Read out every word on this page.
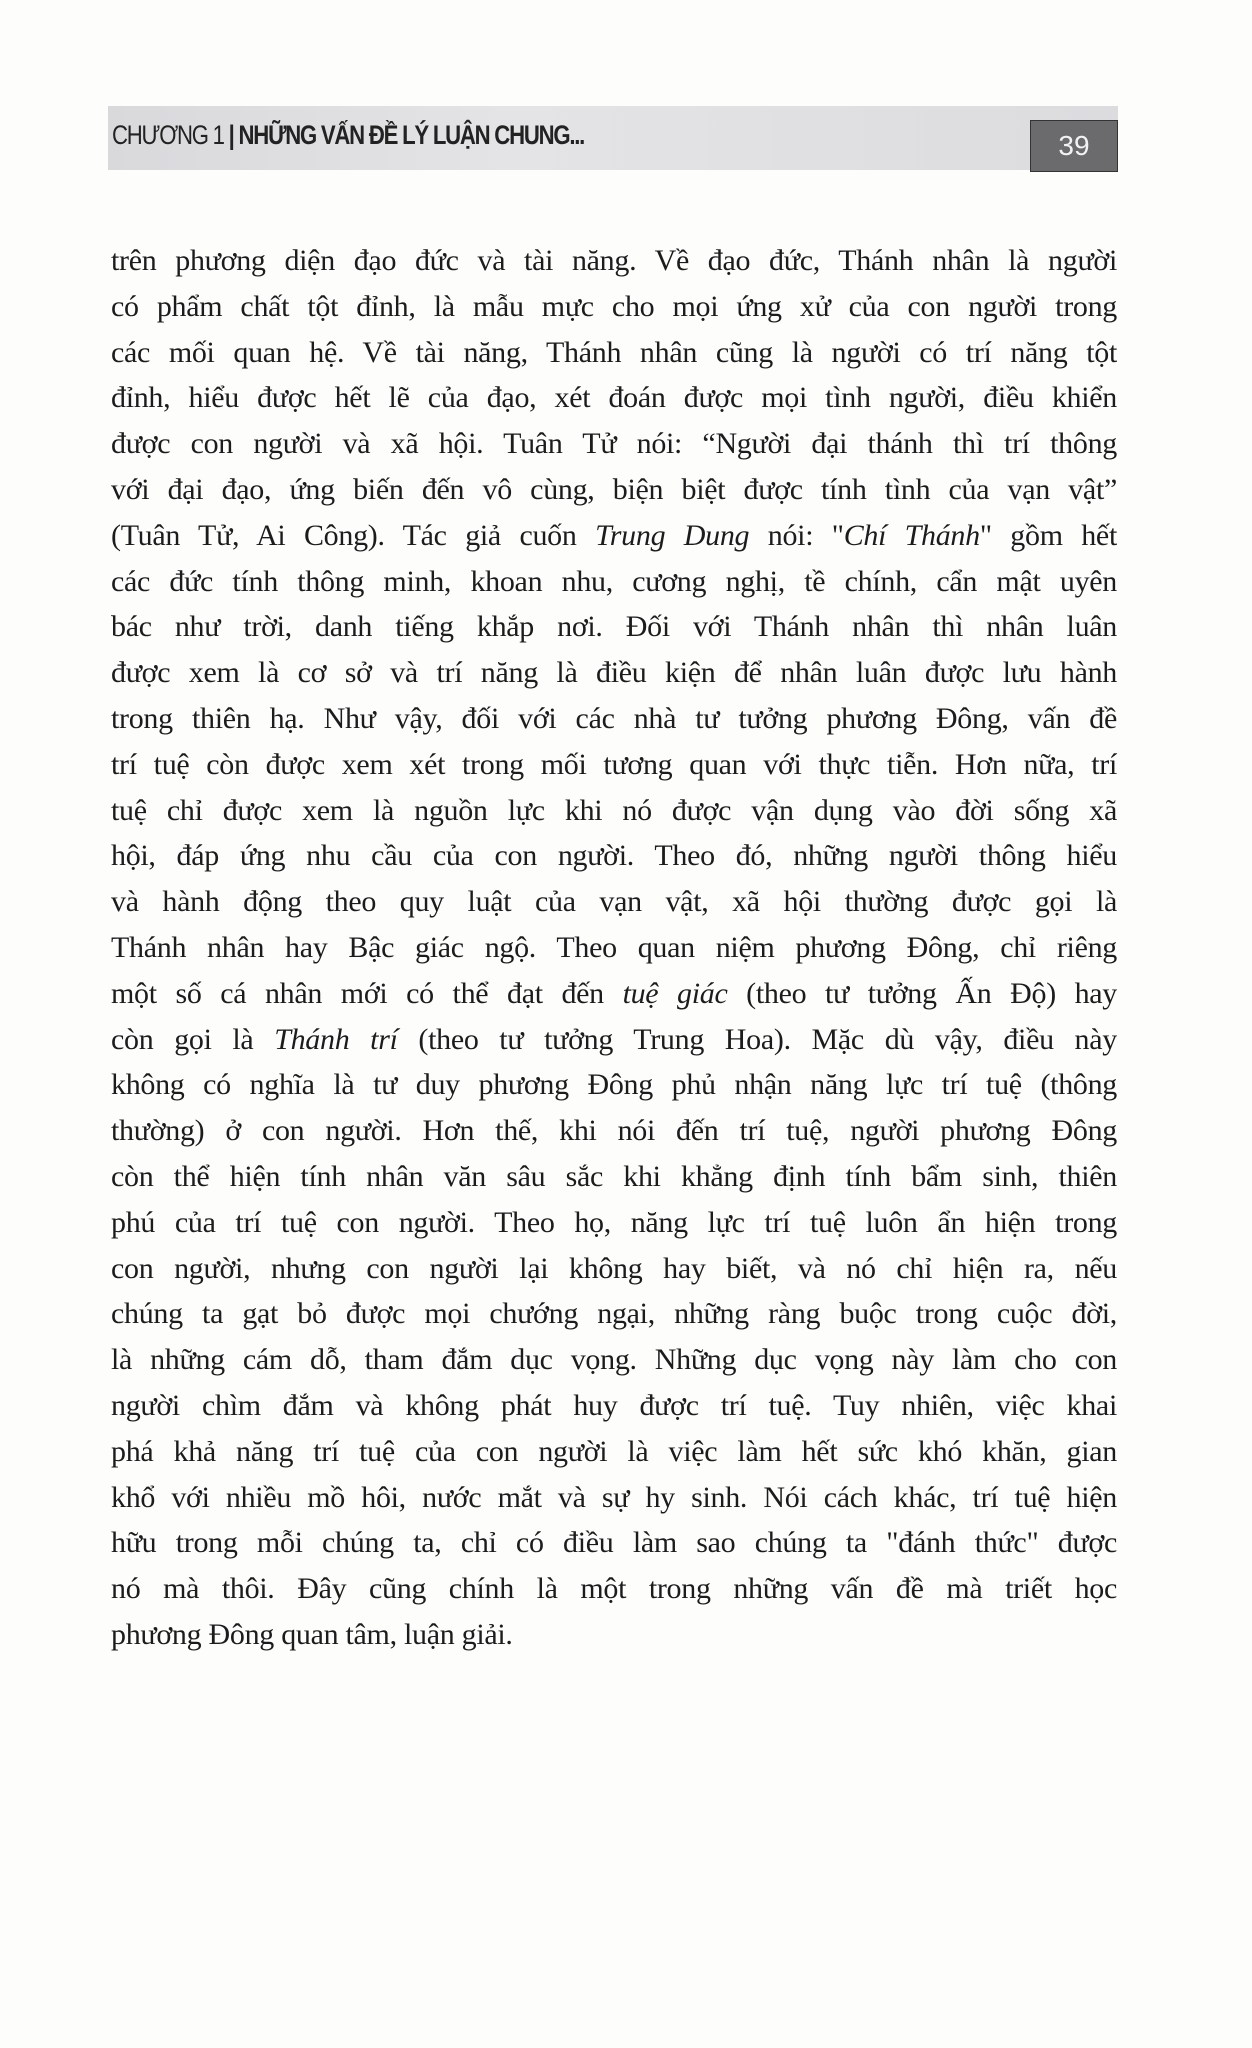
CHƯƠNG 1 | NHỮNG VẤN ĐỀ LÝ LUẬN CHUNG...	39
trên phương diện đạo đức và tài năng. Về đạo đức, Thánh nhân là người
có phẩm chất tột đỉnh, là mẫu mực cho mọi ứng xử của con người trong
các mối quan hệ. Về tài năng, Thánh nhân cũng là người có trí năng tột
đỉnh, hiểu được hết lẽ của đạo, xét đoán được mọi tình người, điều khiển
được con người và xã hội. Tuân Tử nói: “Người đại thánh thì trí thông
với đại đạo, ứng biến đến vô cùng, biện biệt được tính tình của vạn vật”
(Tuân Tử, Ai Công). Tác giả cuốn Trung Dung nói: "Chí Thánh" gồm hết
các đức tính thông minh, khoan nhu, cương nghị, tề chính, cẩn mật uyên
bác như trời, danh tiếng khắp nơi. Đối với Thánh nhân thì nhân luân
được xem là cơ sở và trí năng là điều kiện để nhân luân được lưu hành
trong thiên hạ. Như vậy, đối với các nhà tư tưởng phương Đông, vấn đề
trí tuệ còn được xem xét trong mối tương quan với thực tiễn. Hơn nữa, trí
tuệ chỉ được xem là nguồn lực khi nó được vận dụng vào đời sống xã
hội, đáp ứng nhu cầu của con người. Theo đó, những người thông hiểu
và hành động theo quy luật của vạn vật, xã hội thường được gọi là
Thánh nhân hay Bậc giác ngộ. Theo quan niệm phương Đông, chỉ riêng
một số cá nhân mới có thể đạt đến tuệ giác (theo tư tưởng Ấn Độ) hay
còn gọi là Thánh trí (theo tư tưởng Trung Hoa). Mặc dù vậy, điều này
không có nghĩa là tư duy phương Đông phủ nhận năng lực trí tuệ (thông
thường) ở con người. Hơn thế, khi nói đến trí tuệ, người phương Đông
còn thể hiện tính nhân văn sâu sắc khi khẳng định tính bẩm sinh, thiên
phú của trí tuệ con người. Theo họ, năng lực trí tuệ luôn ẩn hiện trong
con người, nhưng con người lại không hay biết, và nó chỉ hiện ra, nếu
chúng ta gạt bỏ được mọi chướng ngại, những ràng buộc trong cuộc đời,
là những cám dỗ, tham đắm dục vọng. Những dục vọng này làm cho con
người chìm đắm và không phát huy được trí tuệ. Tuy nhiên, việc khai
phá khả năng trí tuệ của con người là việc làm hết sức khó khăn, gian
khổ với nhiều mồ hôi, nước mắt và sự hy sinh. Nói cách khác, trí tuệ hiện
hữu trong mỗi chúng ta, chỉ có điều làm sao chúng ta "đánh thức" được
nó mà thôi. Đây cũng chính là một trong những vấn đề mà triết học
phương Đông quan tâm, luận giải.
